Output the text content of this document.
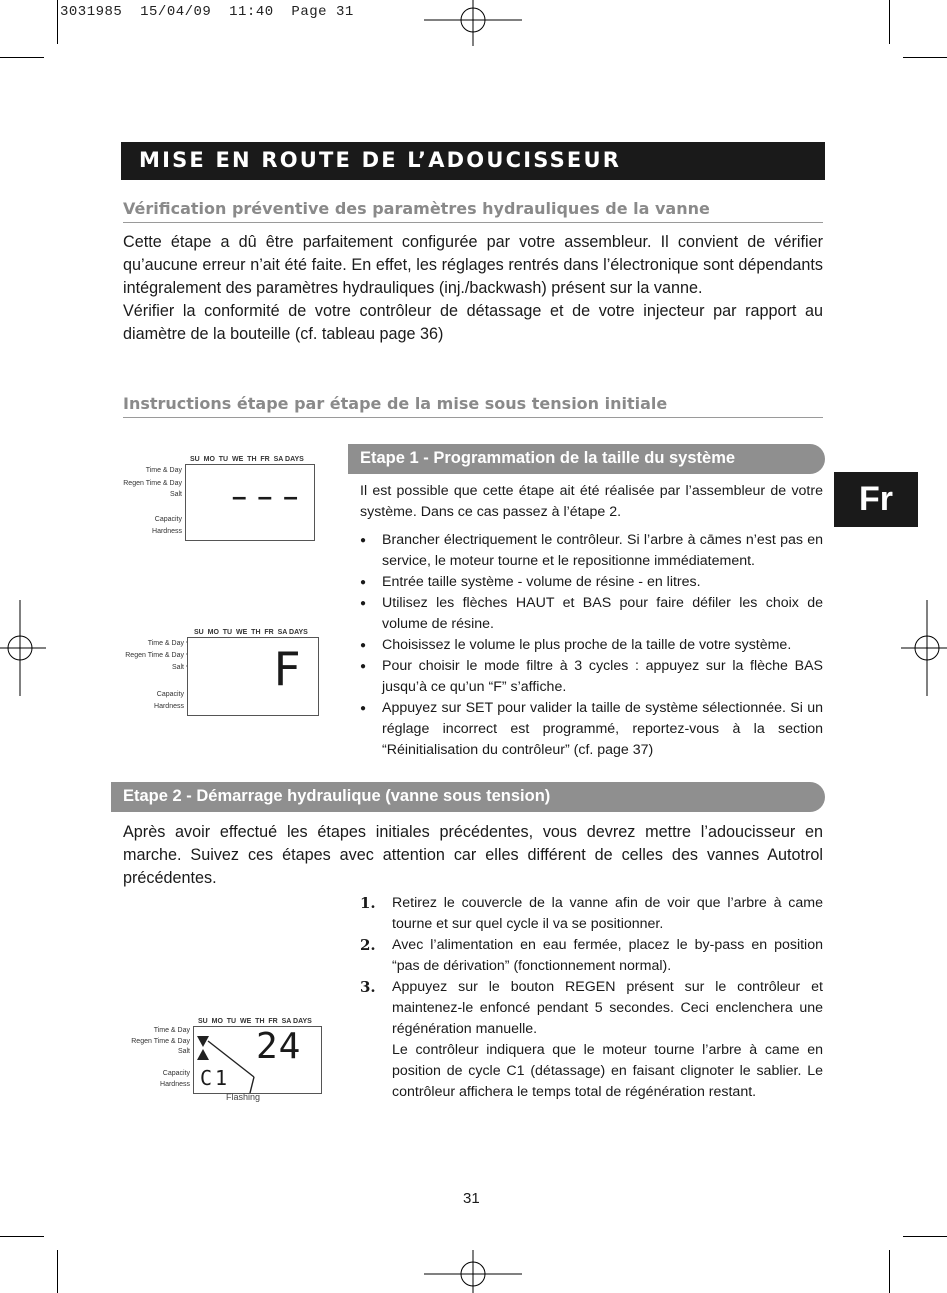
3031985  15/04/09  11:40  Page 31
MISE EN ROUTE DE L’ADOUCISSEUR
Vérification préventive des paramètres hydrauliques de la vanne

Cette étape a dû être parfaitement configurée par votre assembleur. Il convient de vérifier qu’aucune erreur n’ait été faite. En effet, les réglages rentrés dans l’électronique sont dépendants intégralement des paramètres hydrauliques (inj./backwash) présent sur la vanne.

Vérifier la conformité de votre contrôleur de détassage et de votre injecteur par rapport au diamètre de la bouteille (cf. tableau page 36)

Instructions étape par étape de la mise sous tension initiale
Fr
SU  MO  TU  WE  TH  FR  SA DAYS
Time & Day
Regen Time & Day
Salt
Capacity
Hardness
– – –
SU  MO  TU  WE  TH  FR  SA DAYS
Time & Day
Regen Time & Day
Salt
Capacity
Hardness
F
Etape 1 - Programmation de la taille du système

Il est possible que cette étape ait été réalisée par l’assembleur de votre système. Dans ce cas passez à l’étape 2.

● Brancher électriquement le contrôleur. Si l’arbre à cāmes n’est pas en service, le moteur tourne et le repositionne immédiatement.
● Entrée taille système - volume de résine - en litres.
● Utilisez les flèches HAUT et BAS pour faire défiler les choix de volume de résine.
● Choisissez le volume le plus proche de la taille de votre système.
● Pour choisir le mode filtre à 3 cycles : appuyez sur la flèche BAS jusqu’à ce qu’un “F” s’affiche.
● Appuyez sur SET pour valider la taille de système sélectionnée. Si un réglage incorrect est programmé, reportez-vous à la section “Réinitialisation du contrôleur” (cf. page 37)
Etape 2 - Démarrage hydraulique (vanne sous tension)

Après avoir effectué les étapes initiales précédentes, vous devrez mettre l’adoucisseur en marche. Suivez ces étapes avec attention car elles différent de celles des vannes Autotrol précédentes.

1. Retirez le couvercle de la vanne afin de voir que l’arbre à came tourne et sur quel cycle il va se positionner.
2. Avec l’alimentation en eau fermée, placez le by-pass en position “pas de dérivation” (fonctionnement normal).
3. Appuyez sur le bouton REGEN présent sur le contrôleur et maintenez-le enfoncé pendant 5 secondes. Ceci enclenchera une régénération manuelle.
Le contrôleur indiquera que le moteur tourne l’arbre à came en position de cycle C1 (détassage) en faisant clignoter le sablier. Le contrôleur affichera le temps total de régénération restant.
SU  MO  TU  WE  TH  FR  SA DAYS
Time & Day
Regen Time & Day
Salt
Capacity
Hardness
24
C1
Flashing
31
